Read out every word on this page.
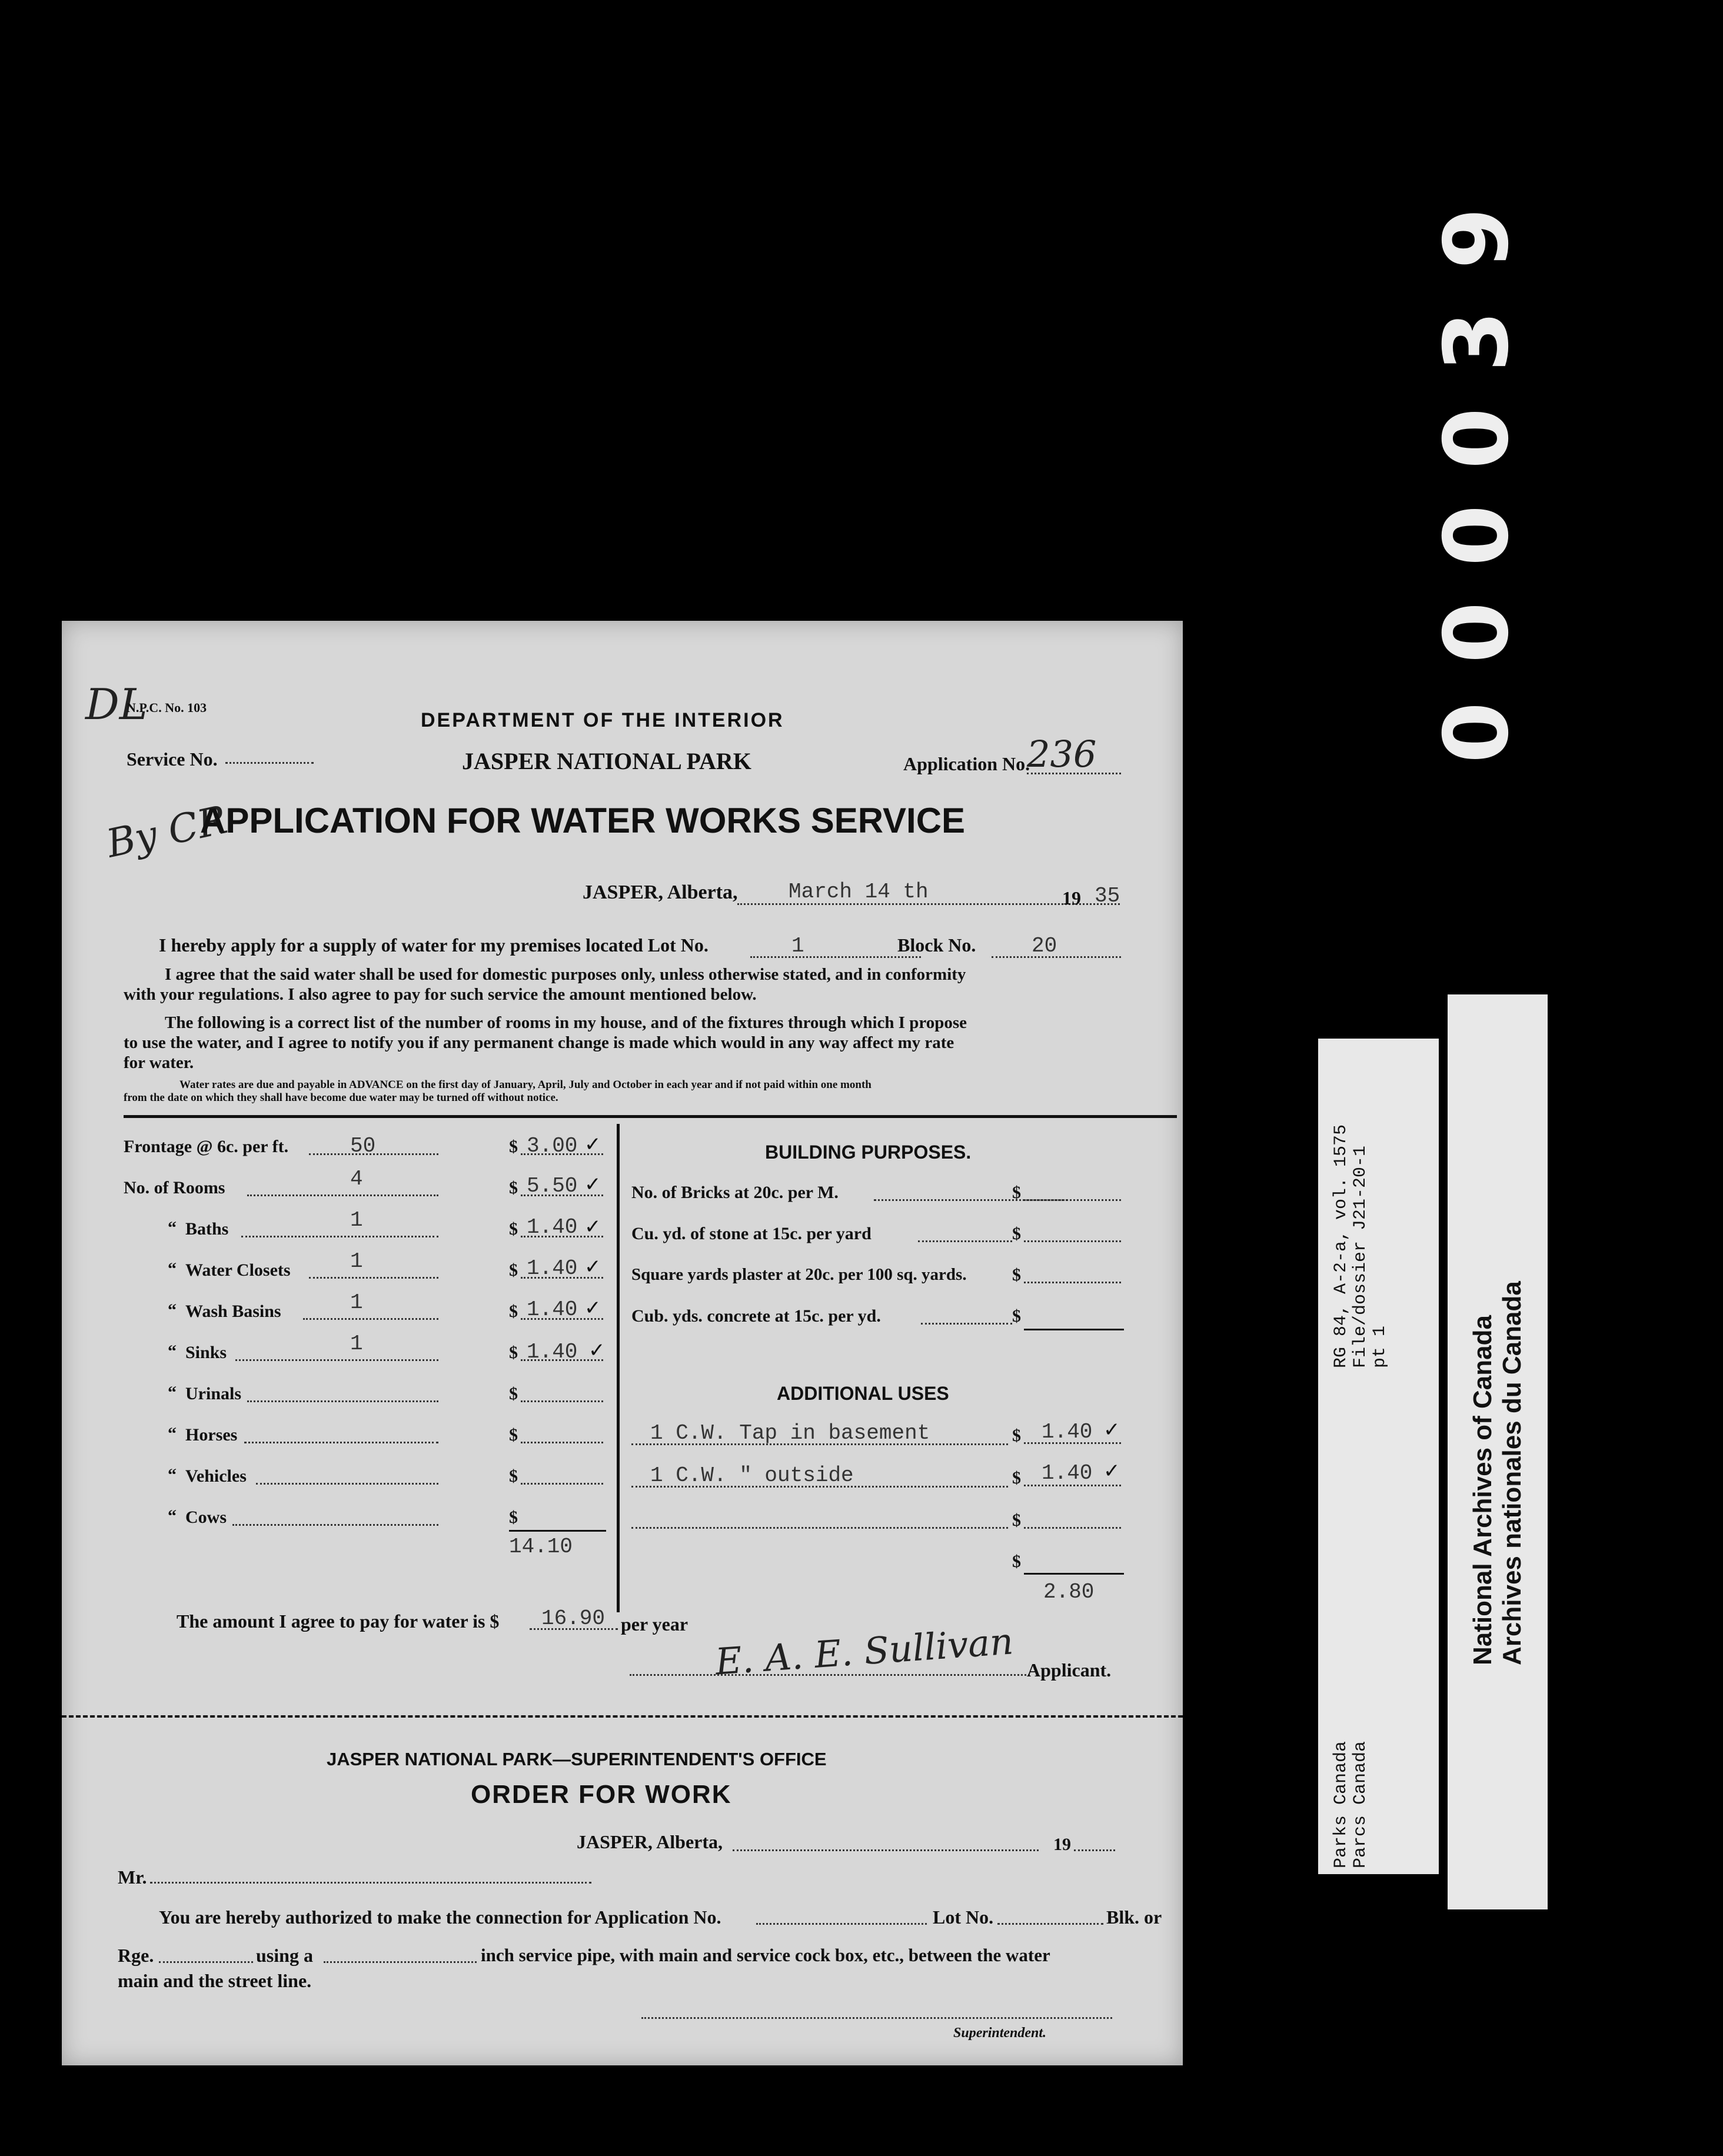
9
3
0
0
0
0
DL
N.P.C. No. 103
DEPARTMENT OF THE INTERIOR
Service No.	JASPER NATIONAL PARK	Application No.
236
By CR
APPLICATION FOR WATER WORKS SERVICE
JASPER, Alberta, March 14 th	19 35
I hereby apply for a supply of water for my premises located Lot No.	1	Block No.	20
I agree that the said water shall be used for domestic purposes only, unless otherwise stated, and in conformity
with your regulations. I also agree to pay for such service the amount mentioned below.
The following is a correct list of the number of rooms in my house, and of the fixtures through which I propose
to use the water, and I agree to notify you if any permanent change is made which would in any way affect my rate
for water.
Water rates are due and payable in ADVANCE on the first day of January, April, July and October in each year and if not paid within one month
from the date on which they shall have become due water may be turned off without notice.
Frontage @ 6c. per ft.	50	$ 3.00 ✓
No. of Rooms	4	$ 5.50 ✓
“ Baths	1	$ 1.40 ✓
“ Water Closets	1	$ 1.40 ✓
“ Wash Basins	1	$ 1.40 ✓
“ Sinks	1	$ 1.40 ✓
“ Urinals	$
“ Horses	$
“ Vehicles	$
“ Cows	$
14.10
BUILDING PURPOSES.
No. of Bricks at 20c. per M.	$
Cu. yd. of stone at 15c. per yard	$
Square yards plaster at 20c. per 100 sq. yards.	$
Cub. yds. concrete at 15c. per yd.	$
ADDITIONAL USES
1 C.W. Tap in basement	$ 1.40 ✓
1 C.W. " outside	$ 1.40 ✓
$
$
2.80
The amount I agree to pay for water is $ 16.90 per year E. A. E. Sullivan Applicant.
JASPER NATIONAL PARK—SUPERINTENDENT'S OFFICE
ORDER FOR WORK
JASPER, Alberta,	19
Mr.
You are hereby authorized to make the connection for Application No.	Lot No.	Blk. or
Rge.	using a	inch service pipe, with main and service cock box, etc., between the water
main and the street line.
Superintendent.
RG 84, A-2-a, vol. 1575 File/dossier J21-20-1 pt 1
Parks Canada Parcs Canada
National Archives of Canada Archives nationales du Canada
